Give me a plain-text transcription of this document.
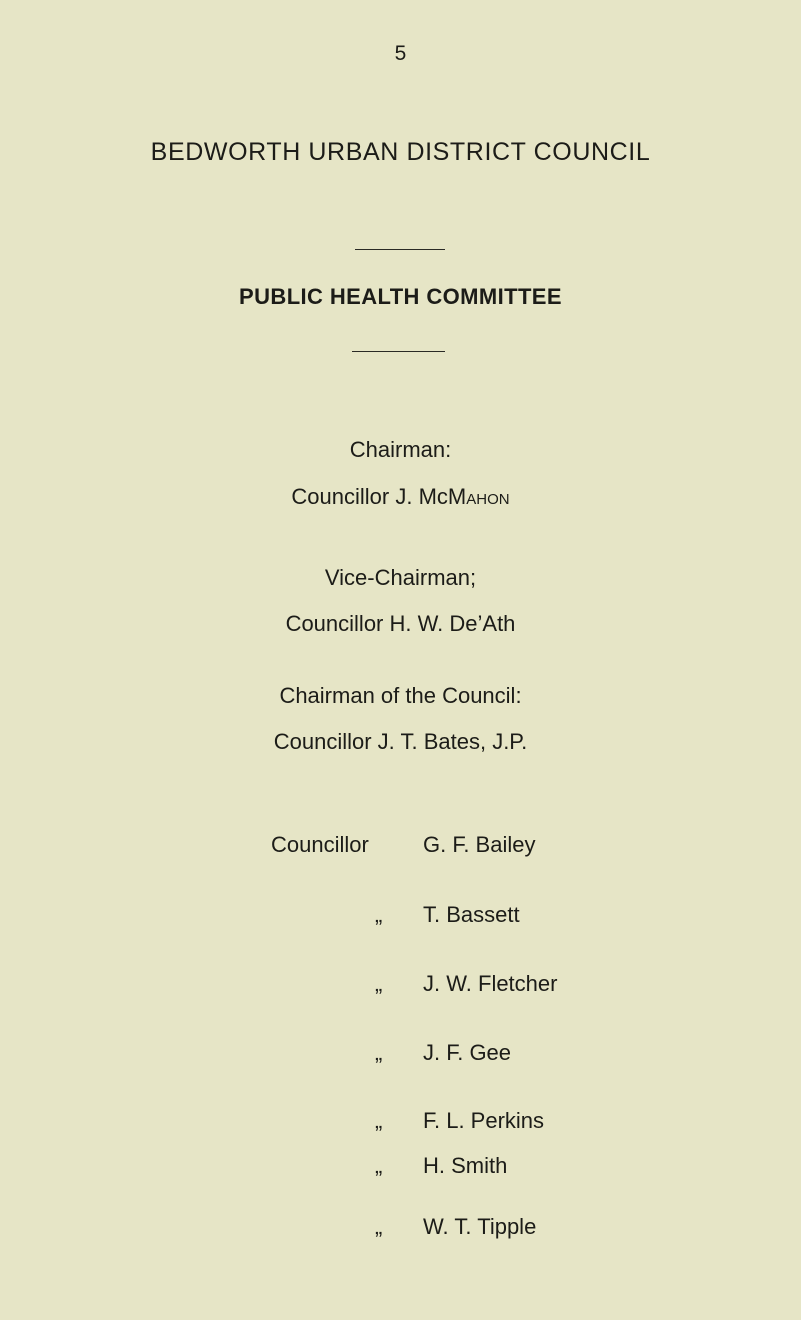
5
BEDWORTH URBAN DISTRICT COUNCIL
PUBLIC HEALTH COMMITTEE
Chairman:
Councillor J. McMahon
Vice-Chairman;
Councillor H. W. De’Ath
Chairman of the Council:
Councillor J. T. Bates, J.P.
Councillor G. F. Bailey
„ T. Bassett
„ J. W. Fletcher
„ J. F. Gee
„ F. L. Perkins
„ H. Smith
„ W. T. Tipple
